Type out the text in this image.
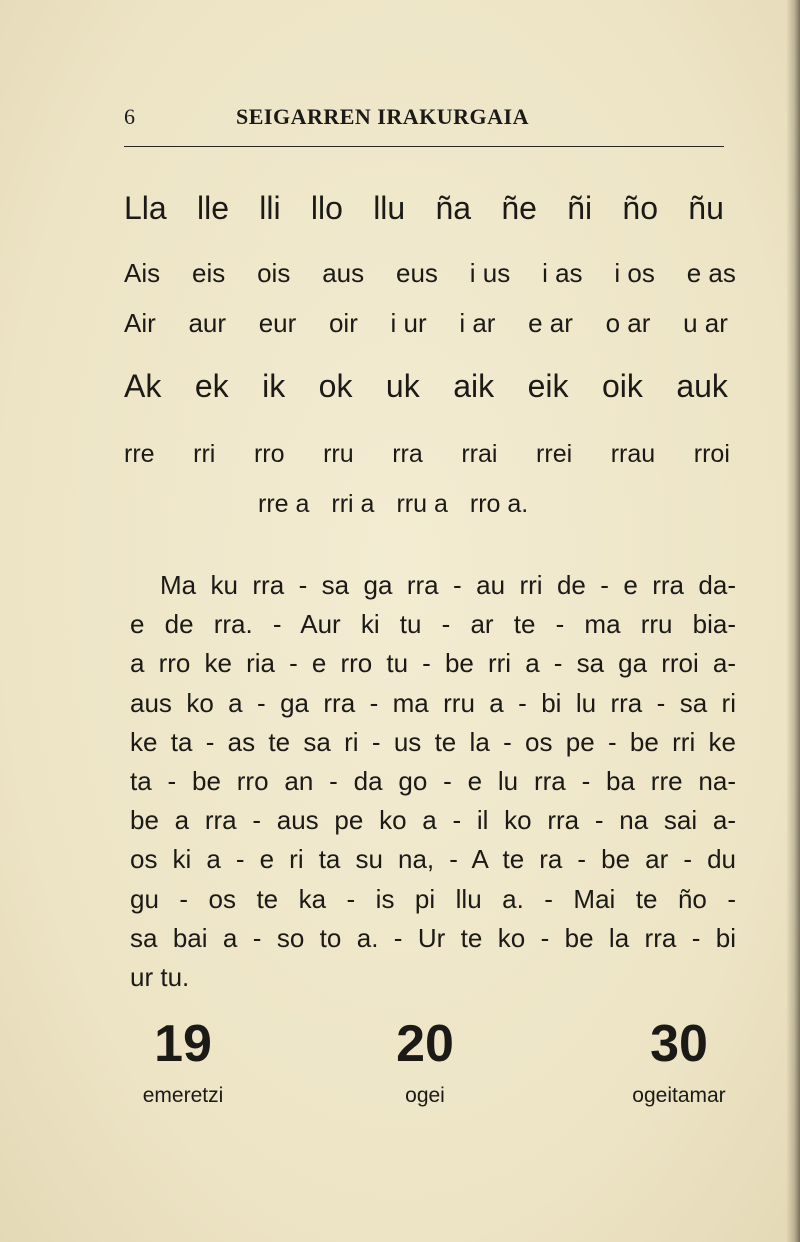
6	SEIGARREN IRAKURGAIA
Lla lle lli llo llu ña ñe ñi ño ñu
Ais eis ois aus eus i us i as i os e as
Air aur eur oir i ur i ar e ar o ar u ar
Ak ek ik ok uk aik eik oik auk
rre rri rro rru rra rrai rrei rrau rroi
rre a rri a rru a rro a.
Ma ku rra - sa ga rra - au rri de - e rra da-
e de rra. - Aur ki tu - ar te - ma rru bia-
a rro ke ria - e rro tu - be rri a - sa ga rroi a-
aus ko a - ga rra - ma rru a - bi lu rra - sa ri
ke ta - as te sa ri - us te la - os pe - be rri ke
ta - be rro an - da go - e lu rra - ba rre na-
be a rra - aus pe ko a - il ko rra - na sai a-
os ki a - e ri ta su na, - A te ra - be ar - du
gu - os te ka - is pi llu a. - Mai te ño -
sa bai a - so to a. - Ur te ko - be la rra - bi
ur tu.
19
emeretzi
20
ogei
30
ogeitamar
